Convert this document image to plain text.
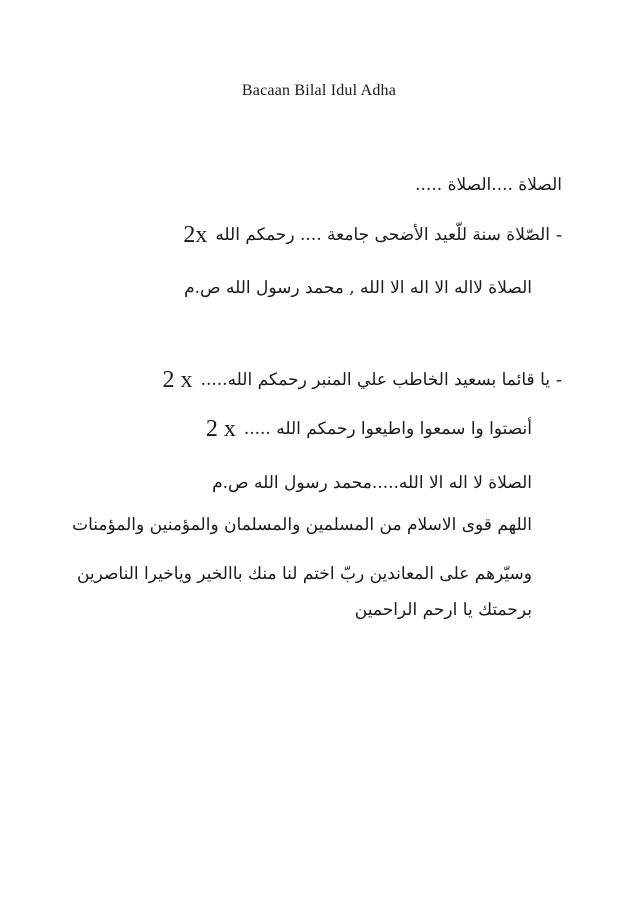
Bacaan Bilal Idul Adha
الصلاة ....الصلاة .....
-الصّلاة سنة للّعيد الأضحى جامعة .... رحمكم الله2x
الصلاة لااله الا اله الا الله , محمد رسول الله ص.م
-يا قائما بسعيد الخاطب علي المنبر رحمكم الله.....2 x
أنصتوا وا سمعوا واطيعوا رحمكم الله .....2 x
الصلاة لا اله الا الله.....محمد رسول الله ص.م
اللهم قوى الاسلام من المسلمين والمسلمان والمؤمنين والمؤمنات
وسيّرهم على المعاندين ربّ اختم لنا منك باالخير وياخيرا الناصرين
برحمتك يا ارحم الراحمين
